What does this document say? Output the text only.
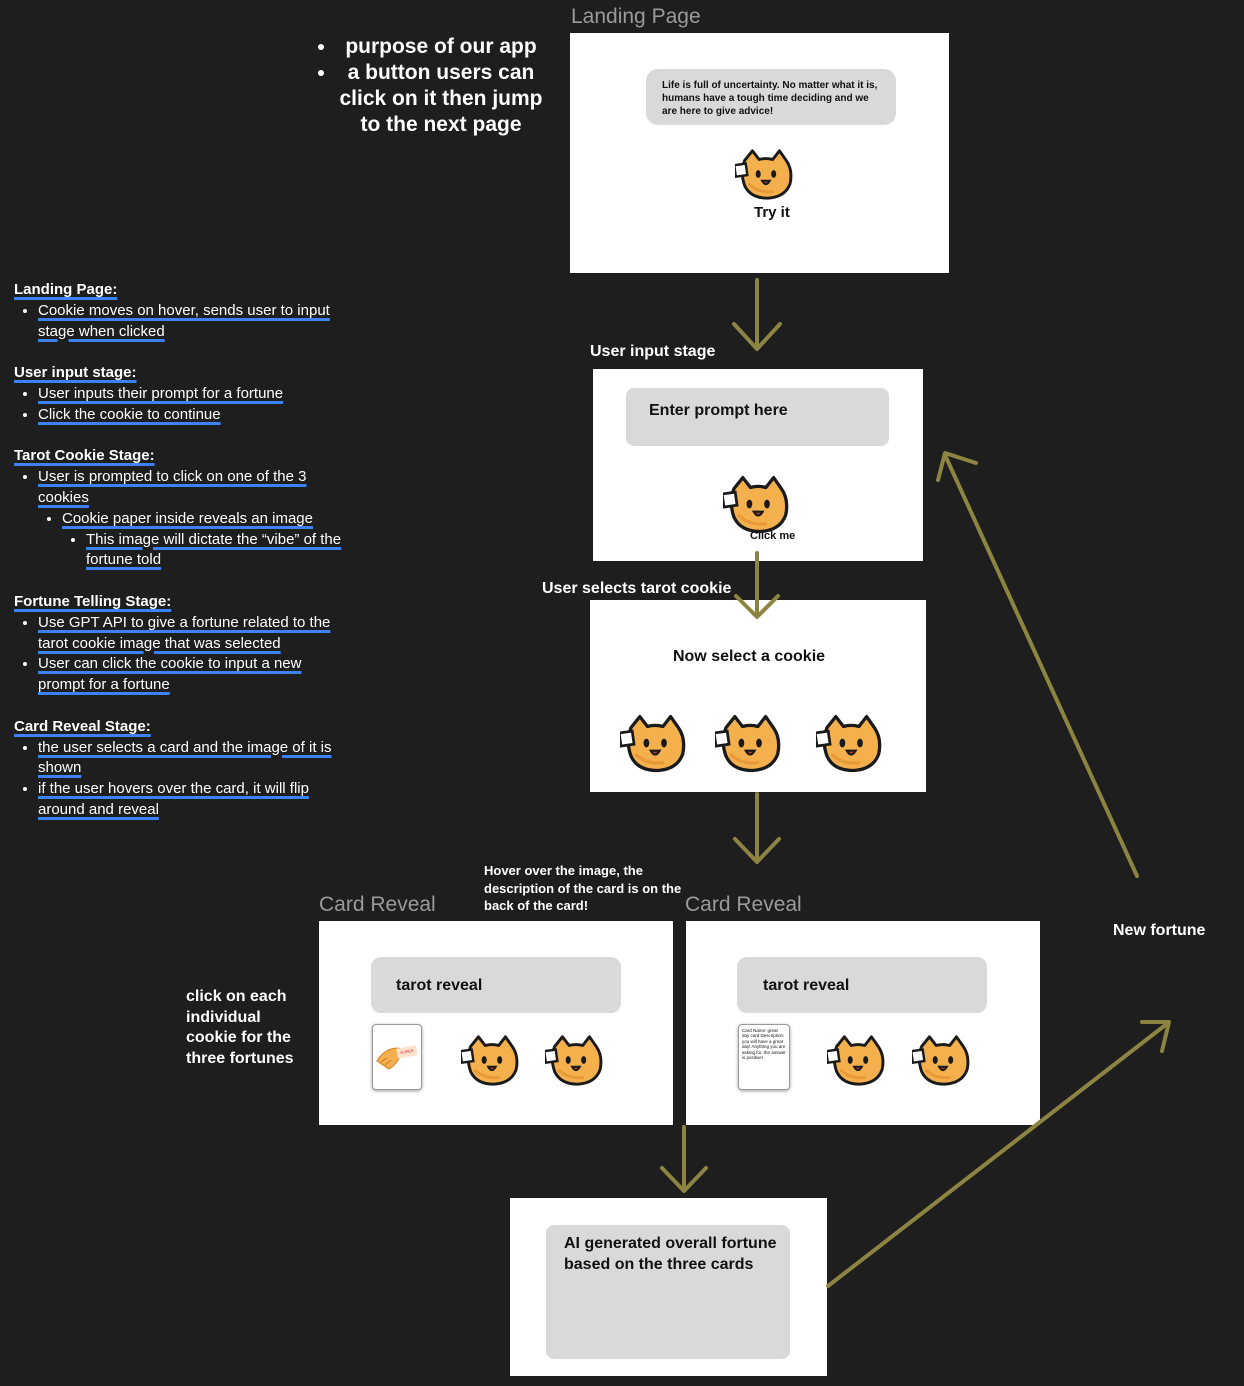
• purpose of our app
• a button users can click on it then jump to the next page
Landing Page:
• Cookie moves on hover, sends user to input stage when clicked
User input stage:
• User inputs their prompt for a fortune
• Click the cookie to continue
Tarot Cookie Stage:
• User is prompted to click on one of the 3 cookies
• Cookie paper inside reveals an image
• This image will dictate the “vibe” of the fortune told
Fortune Telling Stage:
• Use GPT API to give a fortune related to the tarot cookie image that was selected
• User can click the cookie to input a new prompt for a fortune
Card Reveal Stage:
• the user selects a card and the image of it is shown
• if the user hovers over the card, it will flip around and reveal
Landing Page
Life is full of uncertainty. No matter what it is, humans have a tough time deciding and we are here to give advice!
Try it
User input stage
Enter prompt here
Click me
User selects tarot cookie
Now select a cookie
Card Reveal	Card Reveal
Hover over the image, the description of the card is on the back of the card!
click on each individual cookie for the three fortunes
tarot reveal
SUPER
tarot reveal
Card Name: great day card Description: you will have a great day! Anything you are asking for, the answer is positive!
AI generated overall fortune based on the three cards
New fortune
